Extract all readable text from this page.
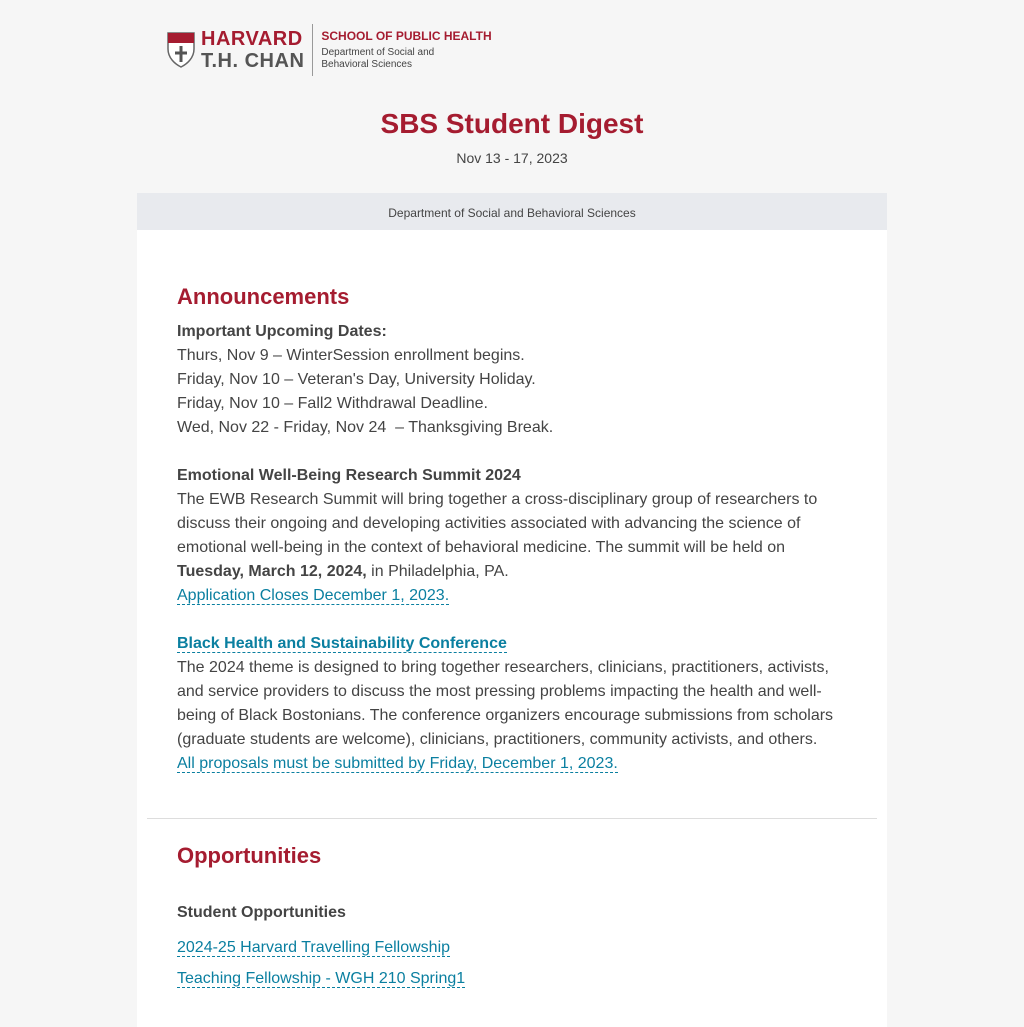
HARVARD
T.H. CHAN
SCHOOL OF PUBLIC HEALTH
Department of Social and
Behavioral Sciences
SBS Student Digest
Nov 13 - 17, 2023
Department of Social and Behavioral Sciences
Announcements

Important Upcoming Dates:

Thurs, Nov 9 – WinterSession enrollment begins.

Friday, Nov 10 – Veteran's Day, University Holiday.

Friday, Nov 10 – Fall2 Withdrawal Deadline.

Wed, Nov 22 - Friday, Nov 24  – Thanksgiving Break.

Emotional Well-Being Research Summit 2024

The EWB Research Summit will bring together a cross-disciplinary group of researchers to discuss their ongoing and developing activities associated with advancing the science of emotional well-being in the context of behavioral medicine. The summit will be held on Tuesday, March 12, 2024, in Philadelphia, PA.

Application Closes December 1, 2023.

Black Health and Sustainability Conference

The 2024 theme is designed to bring together researchers, clinicians, practitioners, activists, and service providers to discuss the most pressing problems impacting the health and well-being of Black Bostonians. The conference organizers encourage submissions from scholars (graduate students are welcome), clinicians, practitioners, community activists, and others.

All proposals must be submitted by Friday, December 1, 2023.

Opportunities

Student Opportunities

2024-25 Harvard Travelling Fellowship

Teaching Fellowship - WGH 210 Spring1
